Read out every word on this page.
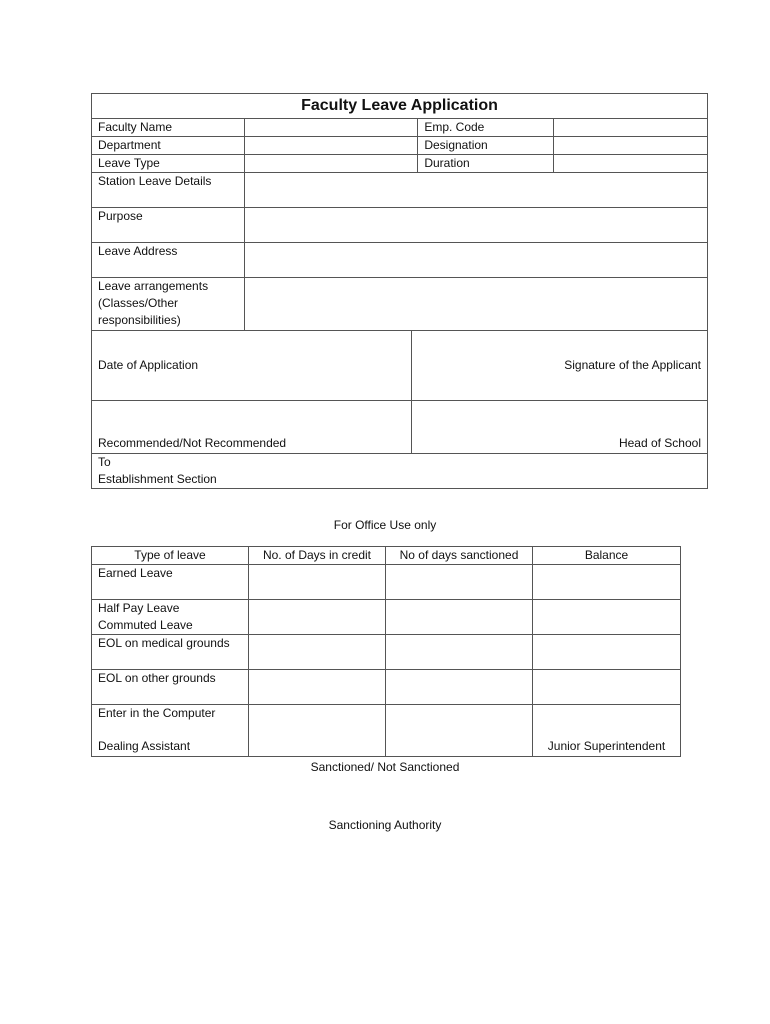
Faculty Leave Application				
Faculty Name			Emp. Code	
Department			Designation	
Leave Type			Duration	
Station Leave Details				
Purpose				
Leave Address				

Leave arrangements
(Classes/Other
responsibilities)				

Date of Application		Signature of the Applicant		
Recommended/Not Recommended		Head of School		

To
Establishment Section				
For Office Use only
Type of leave	No. of Days in credit	No of days sanctioned	Balance
Earned Leave			

Half Pay Leave
Commuted Leave			

EOL on medical grounds			
EOL on other grounds			

Enter in the Computer
Dealing Assistant			Junior Superintendent
Sanctioned/ Not Sanctioned
Sanctioning Authority
